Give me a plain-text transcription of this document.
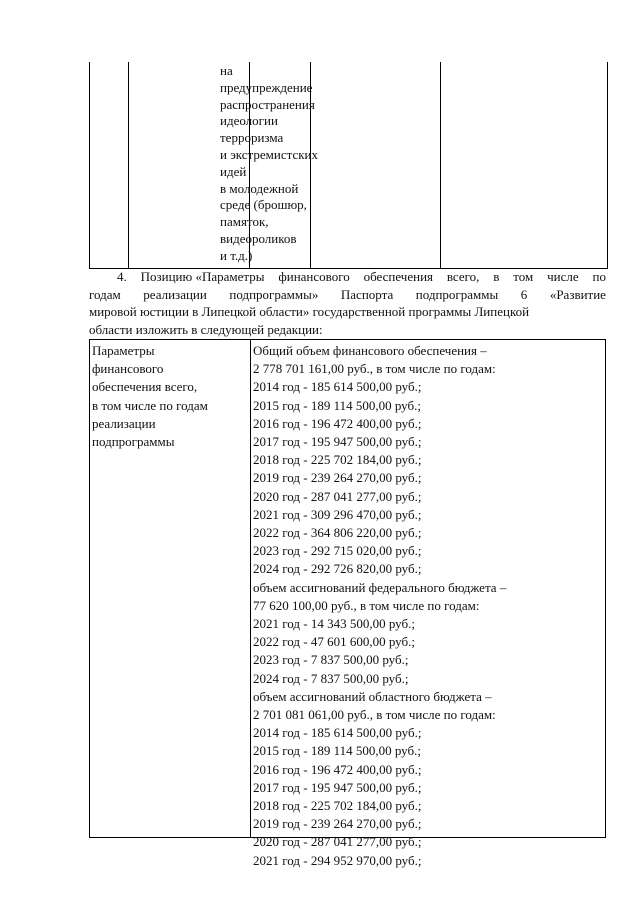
на
предупреждение
распространения
идеологии
терроризма
и экстремистских
идей
в молодежной
среде (брошюр,
памяток,
видеороликов
и т.д.)
4. Позицию «Параметры финансового обеспечения всего, в том числе по
годам реализации подпрограммы» Паспорта подпрограммы 6 «Развитие
мировой юстиции в Липецкой области» государственной программы Липецкой
области изложить в следующей редакции:
Параметры
финансового
обеспечения всего,
в том числе по годам
реализации
подпрограммы
Общий объем финансового обеспечения –
2 778 701 161,00 руб., в том числе по годам:
2014 год - 185 614 500,00 руб.;
2015 год - 189 114 500,00 руб.;
2016 год - 196 472 400,00 руб.;
2017 год - 195 947 500,00 руб.;
2018 год - 225 702 184,00 руб.;
2019 год - 239 264 270,00 руб.;
2020 год - 287 041 277,00 руб.;
2021 год - 309 296 470,00 руб.;
2022 год - 364 806 220,00 руб.;
2023 год - 292 715 020,00 руб.;
2024 год - 292 726 820,00 руб.;
объем ассигнований федерального бюджета –
77 620 100,00 руб., в том числе по годам:
2021 год - 14 343 500,00 руб.;
2022 год - 47 601 600,00 руб.;
2023 год - 7 837 500,00 руб.;
2024 год - 7 837 500,00 руб.;
объем ассигнований областного бюджета –
2 701 081 061,00 руб., в том числе по годам:
2014 год - 185 614 500,00 руб.;
2015 год - 189 114 500,00 руб.;
2016 год - 196 472 400,00 руб.;
2017 год - 195 947 500,00 руб.;
2018 год - 225 702 184,00 руб.;
2019 год - 239 264 270,00 руб.;
2020 год - 287 041 277,00 руб.;
2021 год - 294 952 970,00 руб.;
